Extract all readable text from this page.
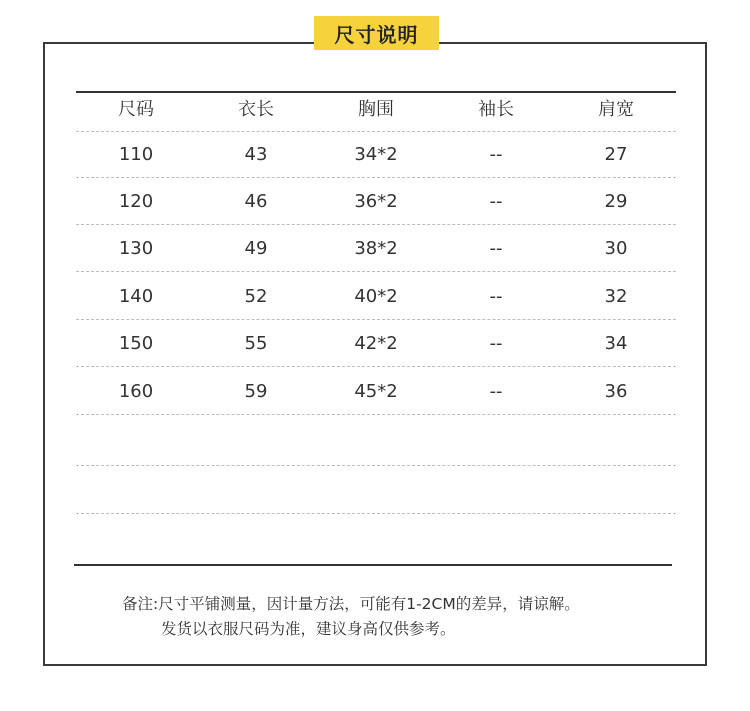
尺寸说明
尺码	衣长	胸围	袖长	肩宽
110	43	34*2	--	27
120	46	36*2	--	29
130	49	38*2	--	30
140	52	40*2	--	32
150	55	42*2	--	34
160	59	45*2	--	36
备注:尺寸平铺测量，因计量方法，可能有1-2CM的差异，请谅解。
发货以衣服尺码为准，建议身高仅供参考。
